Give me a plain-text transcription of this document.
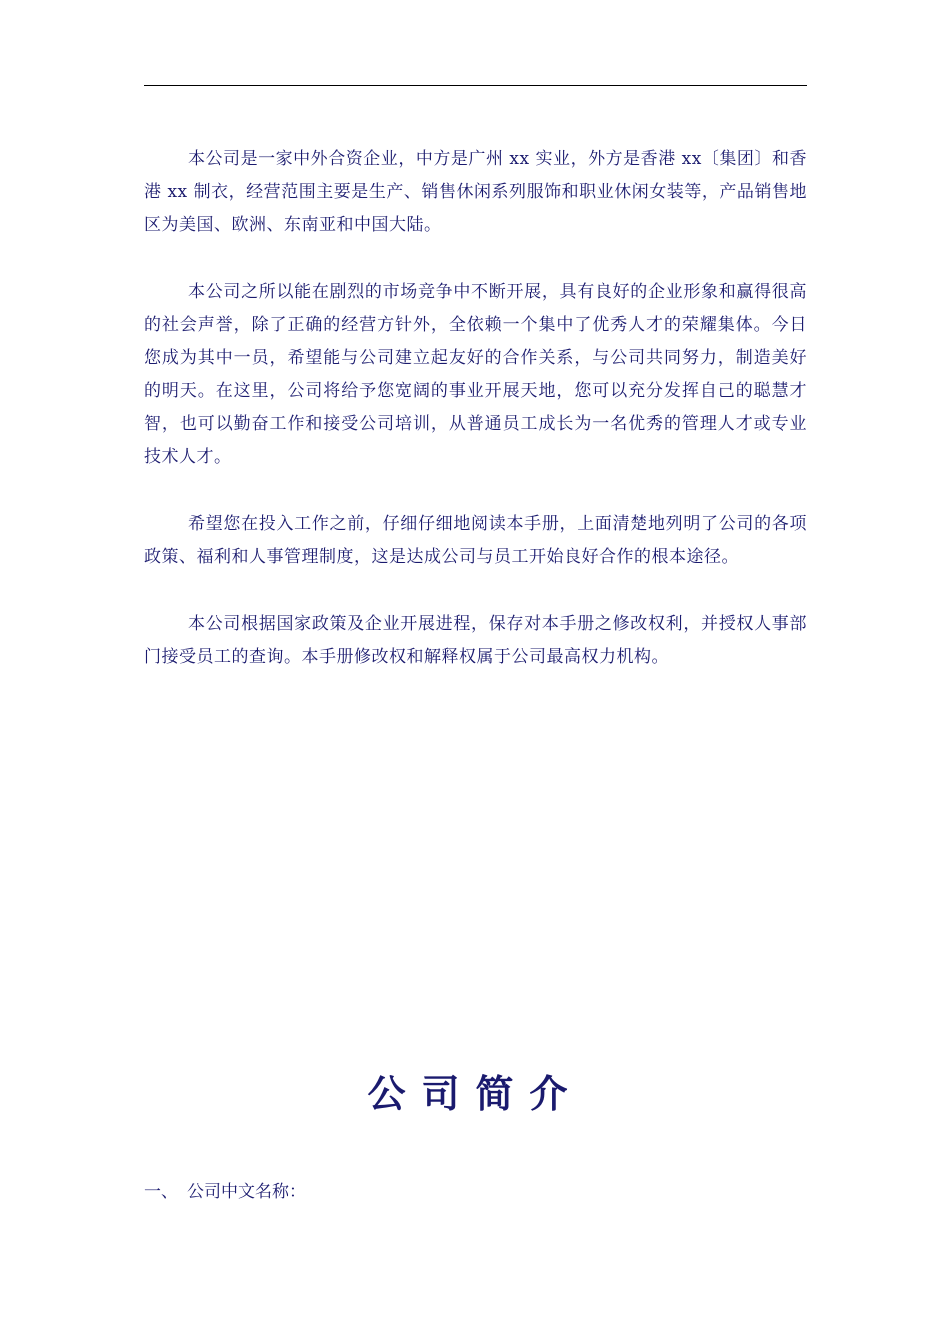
本公司是一家中外合资企业，中方是广州 xx 实业，外方是香港 xx〔集团〕和香港 xx 制衣，经营范围主要是生产、销售休闲系列服饰和职业休闲女装等，产品销售地区为美国、欧洲、东南亚和中国大陆。

本公司之所以能在剧烈的市场竞争中不断开展，具有良好的企业形象和赢得很高的社会声誉，除了正确的经营方针外，全依赖一个集中了优秀人才的荣耀集体。今日您成为其中一员，希望能与公司建立起友好的合作关系，与公司共同努力，制造美好的明天。在这里，公司将给予您宽阔的事业开展天地，您可以充分发挥自己的聪慧才智，也可以勤奋工作和接受公司培训，从普通员工成长为一名优秀的管理人才或专业技术人才。

希望您在投入工作之前，仔细仔细地阅读本手册，上面清楚地列明了公司的各项政策、福利和人事管理制度，这是达成公司与员工开始良好合作的根本途径。

本公司根据国家政策及企业开展进程，保存对本手册之修改权利，并授权人事部门接受员工的查询。本手册修改权和解释权属于公司最高权力机构。

公司简介
一、 公司中文名称：
